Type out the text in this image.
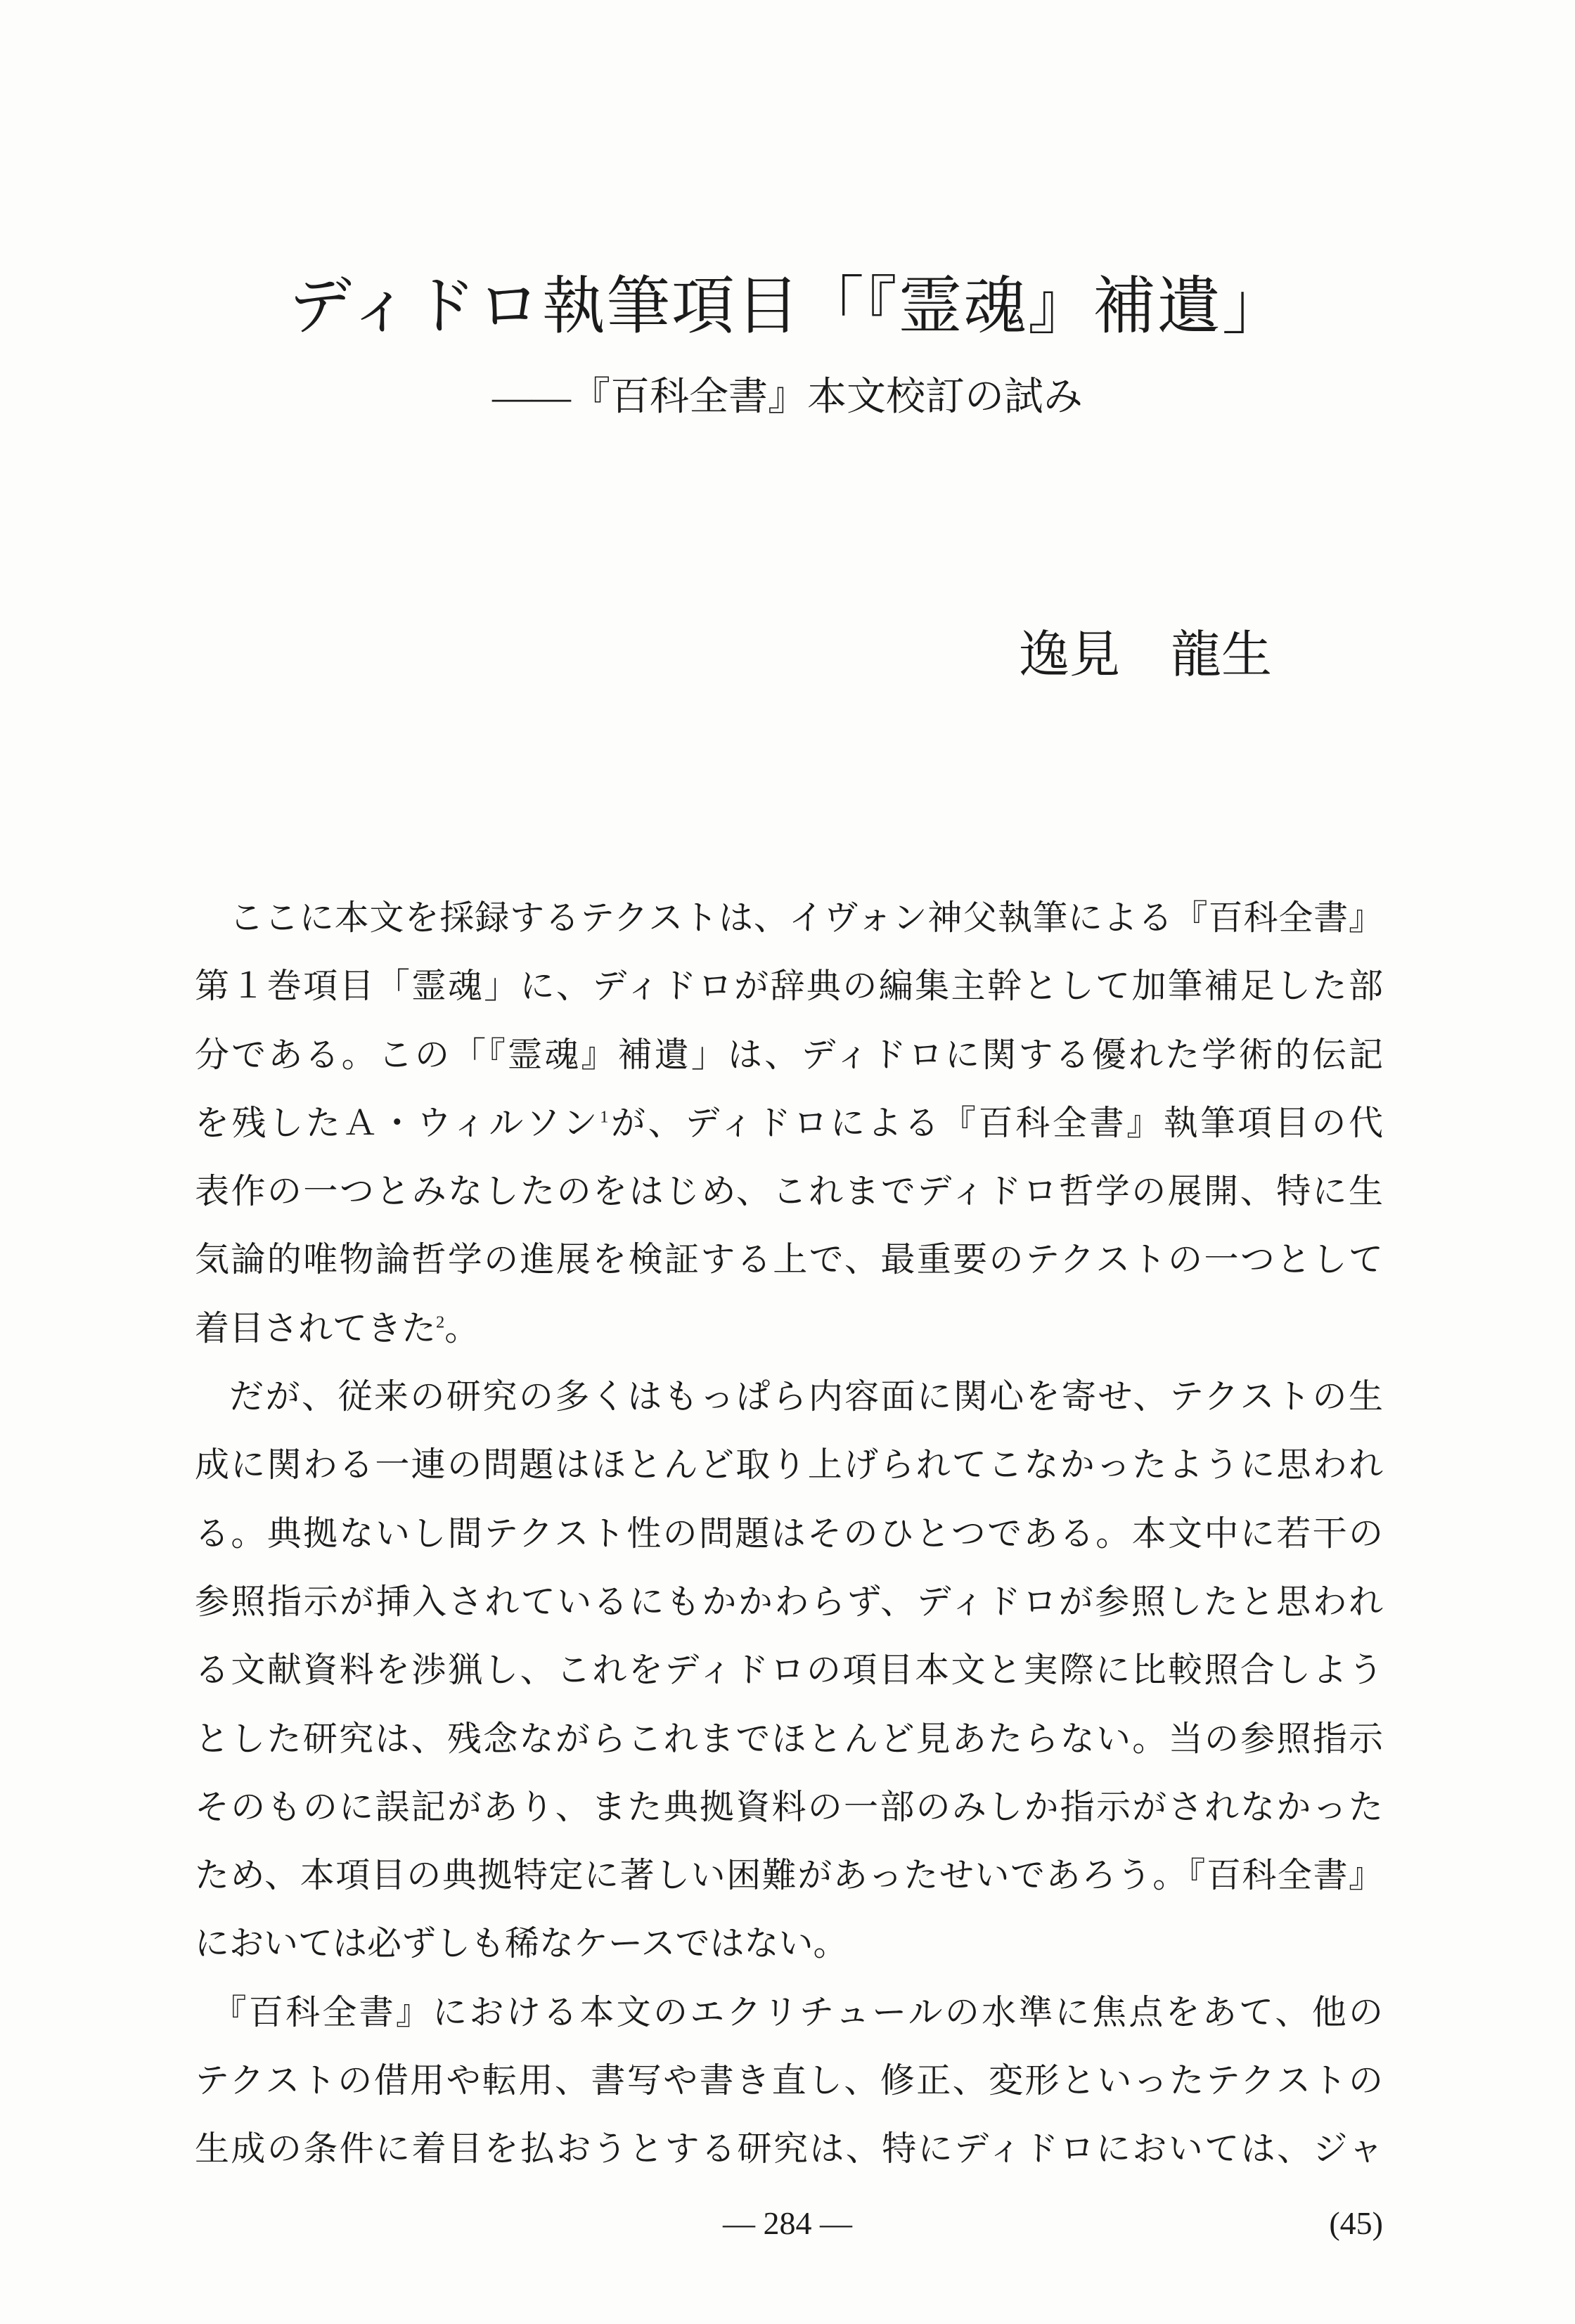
ディドロ執筆項目「『霊魂』補遺」
――『百科全書』本文校訂の試み
逸見　龍生
ここに本文を採録するテクストは、イヴォン神父執筆による『百科全書』
第１巻項目「霊魂」に、ディドロが辞典の編集主幹として加筆補足した部
分である。この「『霊魂』補遺」は、ディドロに関する優れた学術的伝記
を残したＡ・ウィルソン$^1$が、ディドロによる『百科全書』執筆項目の代
表作の一つとみなしたのをはじめ、これまでディドロ哲学の展開、特に生
気論的唯物論哲学の進展を検証する上で、最重要のテクストの一つとして
着目されてきた$^2$。
だが、従来の研究の多くはもっぱら内容面に関心を寄せ、テクストの生
成に関わる一連の問題はほとんど取り上げられてこなかったように思われ
る。典拠ないし間テクスト性の問題はそのひとつである。本文中に若干の
参照指示が挿入されているにもかかわらず、ディドロが参照したと思われ
る文献資料を渉猟し、これをディドロの項目本文と実際に比較照合しよう
とした研究は、残念ながらこれまでほとんど見あたらない。当の参照指示
そのものに誤記があり、また典拠資料の一部のみしか指示がされなかった
ため、本項目の典拠特定に著しい困難があったせいであろう。『百科全書』
においては必ずしも稀なケースではない。
『百科全書』における本文のエクリチュールの水準に焦点をあて、他の
テクストの借用や転用、書写や書き直し、修正、変形といったテクストの
生成の条件に着目を払おうとする研究は、特にディドロにおいては、ジャ
— 284 —	(45)
